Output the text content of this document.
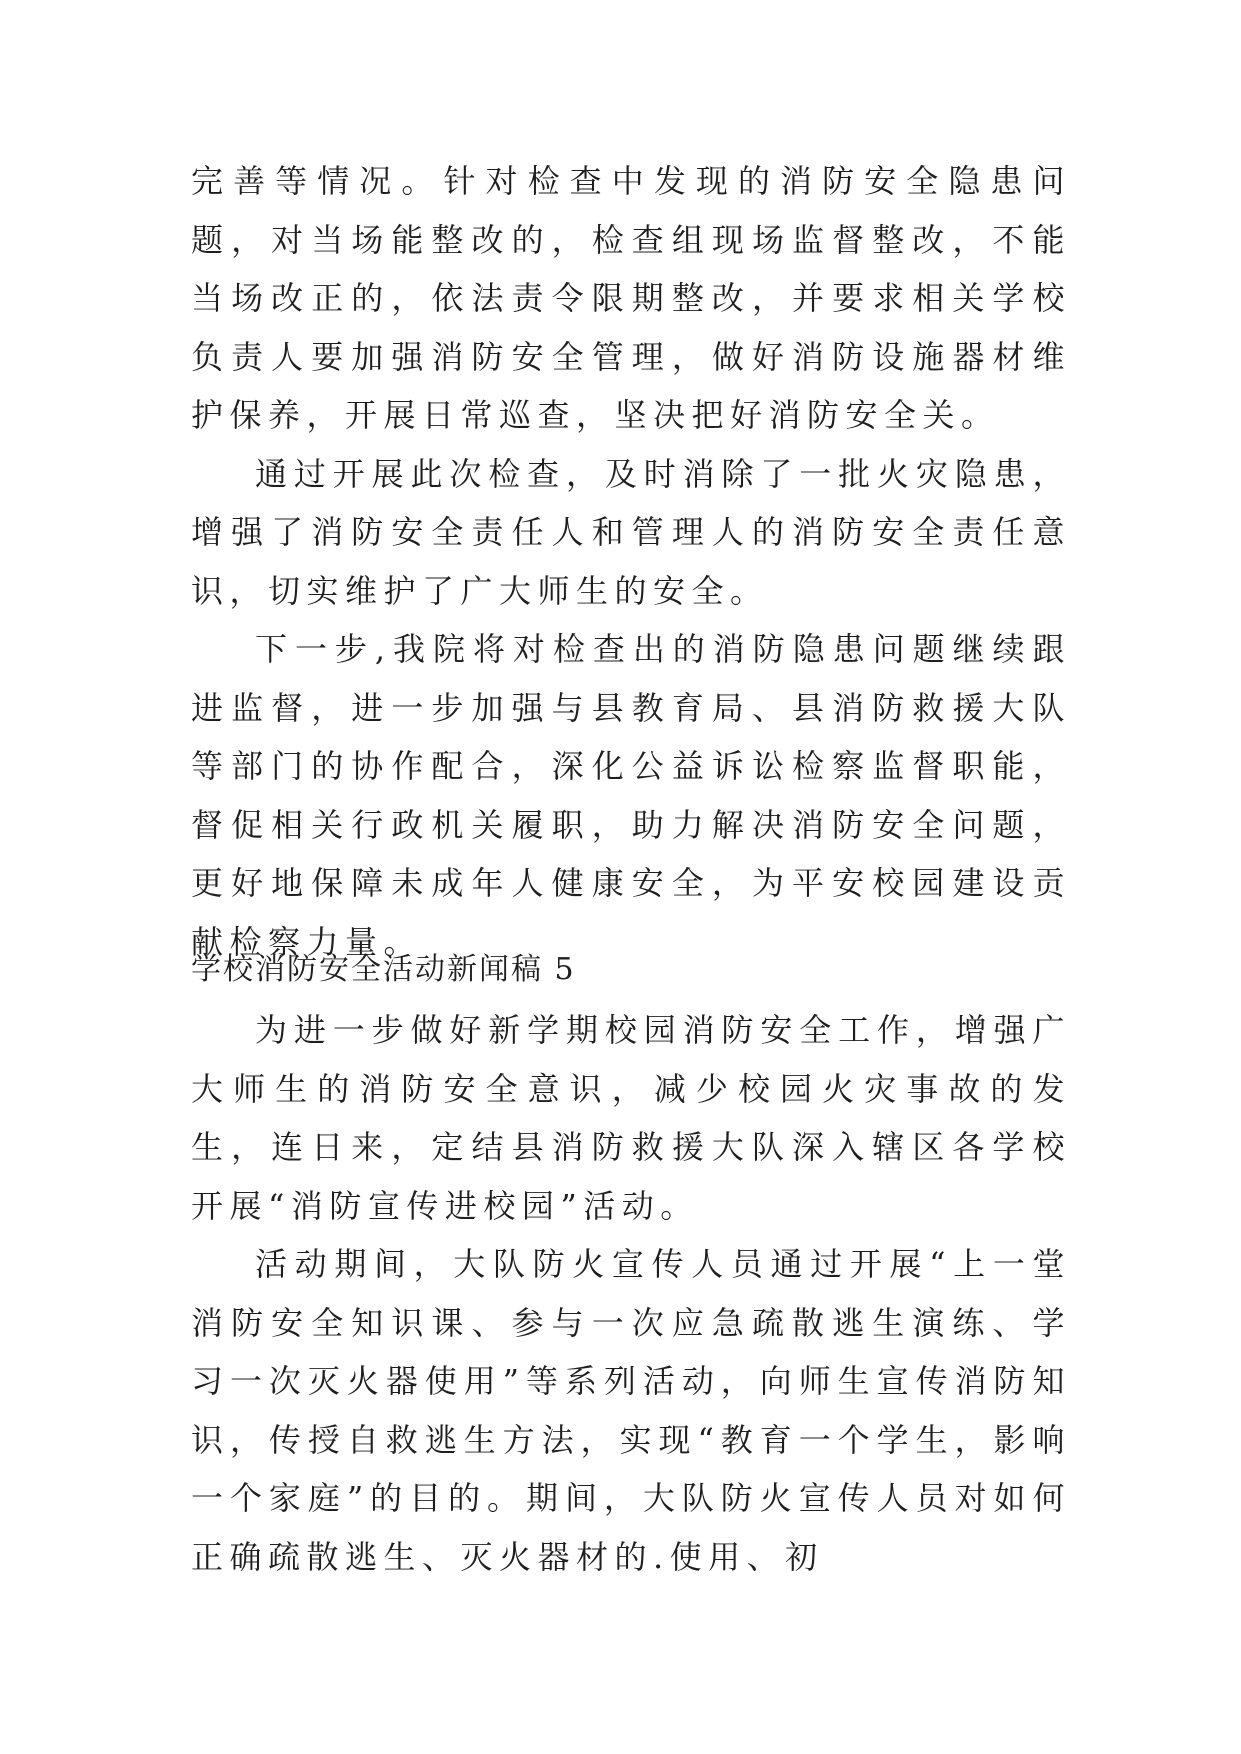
完善等情况。针对检查中发现的消防安全隐患问题，对当场能整改的，检查组现场监督整改，不能当场改正的，依法责令限期整改，并要求相关学校负责人要加强消防安全管理，做好消防设施器材维护保养，开展日常巡查，坚决把好消防安全关。

通过开展此次检查，及时消除了一批火灾隐患，增强了消防安全责任人和管理人的消防安全责任意识，切实维护了广大师生的安全。

下一步,我院将对检查出的消防隐患问题继续跟进监督，进一步加强与县教育局、县消防救援大队等部门的协作配合，深化公益诉讼检察监督职能，督促相关行政机关履职，助力解决消防安全问题，更好地保障未成年人健康安全，为平安校园建设贡献检察力量。

学校消防安全活动新闻稿 5

为进一步做好新学期校园消防安全工作，增强广大师生的消防安全意识，减少校园火灾事故的发生，连日来，定结县消防救援大队深入辖区各学校开展“消防宣传进校园”活动。

活动期间，大队防火宣传人员通过开展“上一堂消防安全知识课、参与一次应急疏散逃生演练、学习一次灭火器使用”等系列活动，向师生宣传消防知识，传授自救逃生方法，实现“教育一个学生，影响一个家庭”的目的。期间，大队防火宣传人员对如何正确疏散逃生、灭火器材的.使用、初
